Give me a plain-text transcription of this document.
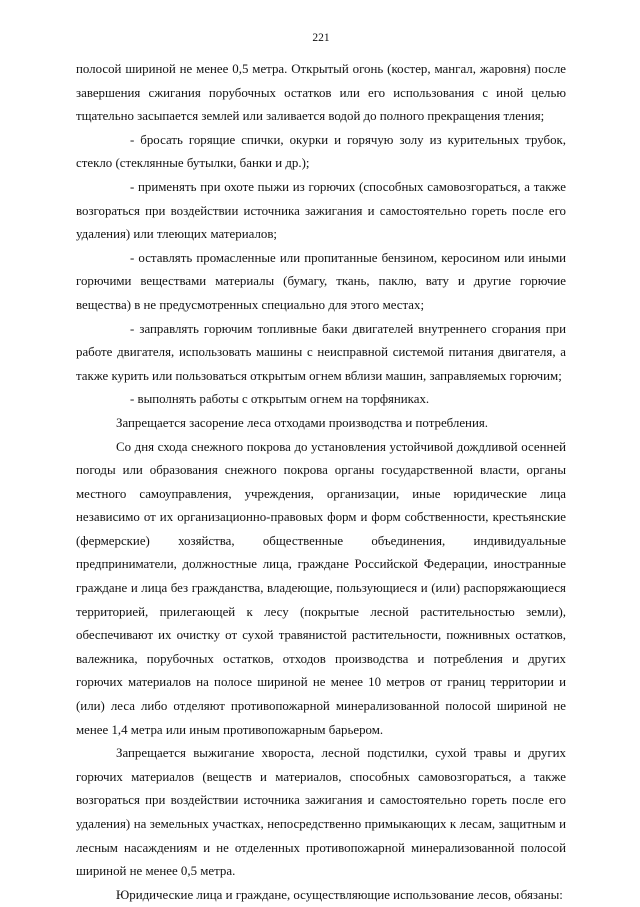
221

полосой шириной не менее 0,5 метра. Открытый огонь (костер, мангал, жаровня) после завершения сжигания порубочных остатков или его использования с иной целью тщательно засыпается землей или заливается водой до полного прекращения тления;

- бросать горящие спички, окурки и горячую золу из курительных трубок, стекло (стеклянные бутылки, банки и др.);

- применять при охоте пыжи из горючих (способных самовозгораться, а также возгораться при воздействии источника зажигания и самостоятельно гореть после его удаления) или тлеющих материалов;

- оставлять промасленные или пропитанные бензином, керосином или иными горючими веществами материалы (бумагу, ткань, паклю, вату и другие горючие вещества) в не предусмотренных специально для этого местах;

- заправлять горючим топливные баки двигателей внутреннего сгорания при работе двигателя, использовать машины с неисправной системой питания двигателя, а также курить или пользоваться открытым огнем вблизи машин, заправляемых горючим;

- выполнять работы с открытым огнем на торфяниках.

Запрещается засорение леса отходами производства и потребления.

Со дня схода снежного покрова до установления устойчивой дождливой осенней погоды или образования снежного покрова органы государственной власти, органы местного самоуправления, учреждения, организации, иные юридические лица независимо от их организационно-правовых форм и форм собственности, крестьянские (фермерские) хозяйства, общественные объединения, индивидуальные предприниматели, должностные лица, граждане Российской Федерации, иностранные граждане и лица без гражданства, владеющие, пользующиеся и (или) распоряжающиеся территорией, прилегающей к лесу (покрытые лесной растительностью земли), обеспечивают их очистку от сухой травянистой растительности, пожнивных остатков, валежника, порубочных остатков, отходов производства и потребления и других горючих материалов на полосе шириной не менее 10 метров от границ территории и (или) леса либо отделяют противопожарной минерализованной полосой шириной не менее 1,4 метра или иным противопожарным барьером.

Запрещается выжигание хвороста, лесной подстилки, сухой травы и других горючих материалов (веществ и материалов, способных самовозгораться, а также возгораться при воздействии источника зажигания и самостоятельно гореть после его удаления) на земельных участках, непосредственно примыкающих к лесам, защитным и лесным насаждениям и не отделенных противопожарной минерализованной полосой шириной не менее 0,5 метра.

Юридические лица и граждане, осуществляющие использование лесов, обязаны:
